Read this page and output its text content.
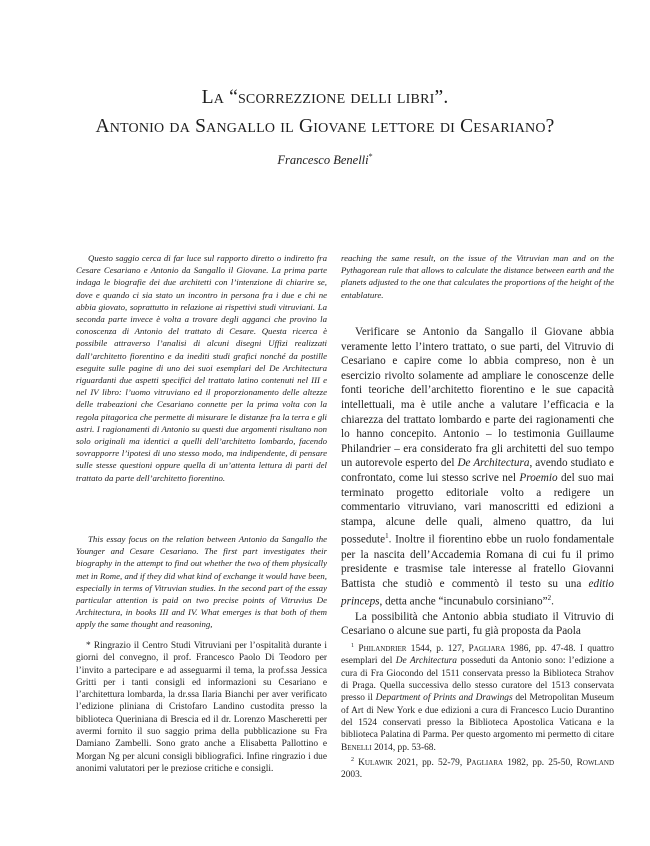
La “scorrezzione delli libri”.
Antonio da Sangallo il Giovane lettore di Cesariano?
Francesco Benelli*

Questo saggio cerca di far luce sul rapporto diretto o indiretto fra Cesare Cesariano e Antonio da Sangallo il Giovane. La prima parte indaga le biografie dei due architetti con l’intenzione di chiarire se, dove e quando ci sia stato un incontro in persona fra i due e chi ne abbia giovato, soprattutto in relazione ai rispettivi studi vitruviani. La seconda parte invece è volta a trovare degli agganci che provino la conoscenza di Antonio del trattato di Cesare. Questa ricerca è possibile attraverso l’analisi di alcuni disegni Uffizi realizzati dall’architetto fiorentino e da inediti studi grafici nonché da postille eseguite sulle pagine di uno dei suoi esemplari del De Architectura riguardanti due aspetti specifici del trattato latino contenuti nel III e nel IV libro: l’uomo vitruviano ed il proporzionamento delle altezze delle trabeazioni che Cesariano connette per la prima volta con la regola pitagorica che permette di misurare le distanze fra la terra e gli astri. I ragionamenti di Antonio su questi due argomenti risultano non solo originali ma identici a quelli dell’architetto lombardo, facendo sovrapporre l’ipotesi di uno stesso modo, ma indipendente, di pensare sulle stesse questioni oppure quella di un’attenta lettura di parti del trattato da parte dell’architetto fiorentino.

This essay focus on the relation between Antonio da Sangallo the Younger and Cesare Cesariano. The first part investigates their biography in the attempt to find out whether the two of them physically met in Rome, and if they did what kind of exchange it would have been, especially in terms of Vitruvian studies. In the second part of the essay particular attention is paid on two precise points of Vitruvius De Architectura, in books III and IV. What emerges is that both of them apply the same thought and reasoning,

reaching the same result, on the issue of the Vitruvian man and on the Pythagorean rule that allows to calculate the distance between earth and the planets adjusted to the one that calculates the proportions of the height of the entablature.

Verificare se Antonio da Sangallo il Giovane abbia veramente letto l’intero trattato, o sue parti, del Vitruvio di Cesariano e capire come lo abbia compreso, non è un esercizio rivolto solamente ad ampliare le conoscenze delle fonti teoriche dell’architetto fiorentino e le sue capacità intellettuali, ma è utile anche a valutare l’efficacia e la chiarezza del trattato lombardo e parte dei ragionamenti che lo hanno concepito. Antonio – lo testimonia Guillaume Philandrier – era considerato fra gli architetti del suo tempo un autorevole esperto del De Architectura, avendo studiato e confrontato, come lui stesso scrive nel Proemio del suo mai terminato progetto editoriale volto a redigere un commentario vitruviano, vari manoscritti ed edizioni a stampa, alcune delle quali, almeno quattro, da lui possedute$^1$. Inoltre il fiorentino ebbe un ruolo fondamentale per la nascita dell’Accademia Romana di cui fu il primo presidente e trasmise tale interesse al fratello Giovanni Battista che studiò e commentò il testo su una editio princeps, detta anche “incunabulo corsiniano”$^2$.

La possibilità che Antonio abbia studiato il Vitruvio di Cesariano o alcune sue parti, fu già proposta da Paola

* Ringrazio il Centro Studi Vitruviani per l’ospitalità durante i giorni del convegno, il prof. Francesco Paolo Di Teodoro per l’invito a partecipare e ad asseguarmi il tema, la prof.ssa Jessica Gritti per i tanti consigli ed informazioni su Cesariano e l’architettura lombarda, la dr.ssa Ilaria Bianchi per aver verificato l’edizione pliniana di Cristofaro Landino custodita presso la biblioteca Queriniana di Brescia ed il dr. Lorenzo Mascheretti per avermi fornito il suo saggio prima della pubblicazione su Fra Damiano Zambelli. Sono grato anche a Elisabetta Pallottino e Morgan Ng per alcuni consigli bibliografici. Infine ringrazio i due anonimi valutatori per le preziose critiche e consigli.

$^1$ Philandrier 1544, p. 127, Pagliara 1986, pp. 47-48. I quattro esemplari del De Architectura posseduti da Antonio sono: l’edizione a cura di Fra Giocondo del 1511 conservata presso la Biblioteca Strahov di Praga. Quella successiva dello stesso curatore del 1513 conservata presso il Department of Prints and Drawings del Metropolitan Museum of Art di New York e due edizioni a cura di Francesco Lucio Durantino del 1524 conservati presso la Biblioteca Apostolica Vaticana e la biblioteca Palatina di Parma. Per questo argomento mi permetto di citare Benelli 2014, pp. 53-68.

$^2$ Kulawik 2021, pp. 52-79, Pagliara 1982, pp. 25-50, Rowland 2003.
